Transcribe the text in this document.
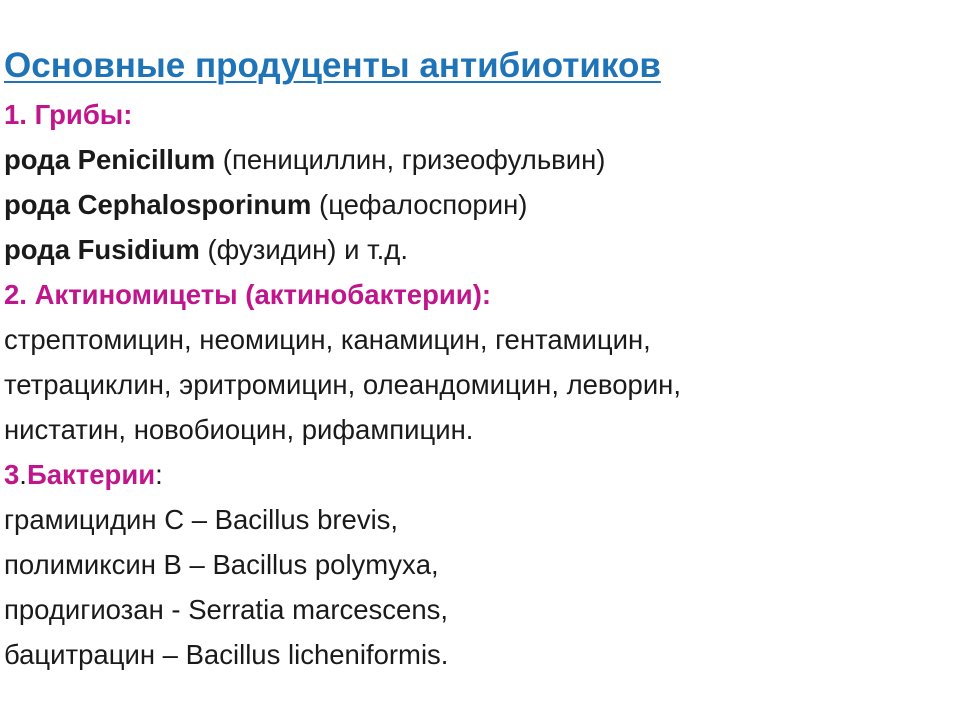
Основные продуценты антибиотиков

1. Грибы:

рода Penicillum (пенициллин, гризеофульвин)

рода Cephalosporinum (цефалоспорин)

рода Fusidium (фузидин) и т.д.

2. Актиномицеты (актинобактерии):

стрептомицин, неомицин, канамицин, гентамицин,

тетрациклин, эритромицин, олеандомицин, леворин,

нистатин, новобиоцин, рифампицин.

3.Бактерии:

грамицидин С – Bacillus brevis,

полимиксин В – Bacillus polymyxa,

продигиозан - Serratia marcescens,

бацитрацин – Bacillus licheniformis.
